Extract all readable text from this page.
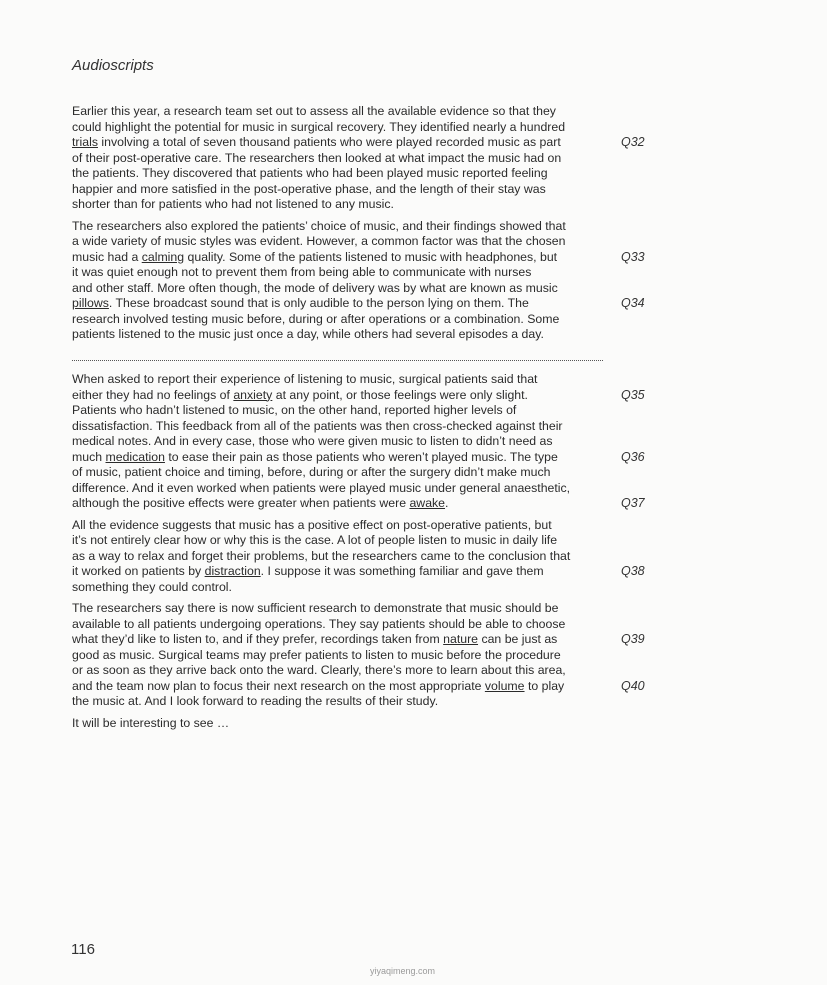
Audioscripts
Earlier this year, a research team set out to assess all the available evidence so that they
could highlight the potential for music in surgical recovery. They identified nearly a hundred
trials involving a total of seven thousand patients who were played recorded music as part	Q32
of their post-operative care. The researchers then looked at what impact the music had on
the patients. They discovered that patients who had been played music reported feeling
happier and more satisfied in the post-operative phase, and the length of their stay was
shorter than for patients who had not listened to any music.
The researchers also explored the patients’ choice of music, and their findings showed that
a wide variety of music styles was evident. However, a common factor was that the chosen
music had a calming quality. Some of the patients listened to music with headphones, but	Q33
it was quiet enough not to prevent them from being able to communicate with nurses
and other staff. More often though, the mode of delivery was by what are known as music
pillows. These broadcast sound that is only audible to the person lying on them. The	Q34
research involved testing music before, during or after operations or a combination. Some
patients listened to the music just once a day, while others had several episodes a day.
When asked to report their experience of listening to music, surgical patients said that
either they had no feelings of anxiety at any point, or those feelings were only slight.	Q35
Patients who hadn’t listened to music, on the other hand, reported higher levels of
dissatisfaction. This feedback from all of the patients was then cross-checked against their
medical notes. And in every case, those who were given music to listen to didn’t need as
much medication to ease their pain as those patients who weren’t played music. The type	Q36
of music, patient choice and timing, before, during or after the surgery didn’t make much
difference. And it even worked when patients were played music under general anaesthetic,
although the positive effects were greater when patients were awake.	Q37
All the evidence suggests that music has a positive effect on post-operative patients, but
it’s not entirely clear how or why this is the case. A lot of people listen to music in daily life
as a way to relax and forget their problems, but the researchers came to the conclusion that
it worked on patients by distraction. I suppose it was something familiar and gave them	Q38
something they could control.
The researchers say there is now sufficient research to demonstrate that music should be
available to all patients undergoing operations. They say patients should be able to choose
what they’d like to listen to, and if they prefer, recordings taken from nature can be just as	Q39
good as music. Surgical teams may prefer patients to listen to music before the procedure
or as soon as they arrive back onto the ward. Clearly, there’s more to learn about this area,
and the team now plan to focus their next research on the most appropriate volume to play	Q40
the music at. And I look forward to reading the results of their study.
It will be interesting to see …
116
yiyaqimeng.com
